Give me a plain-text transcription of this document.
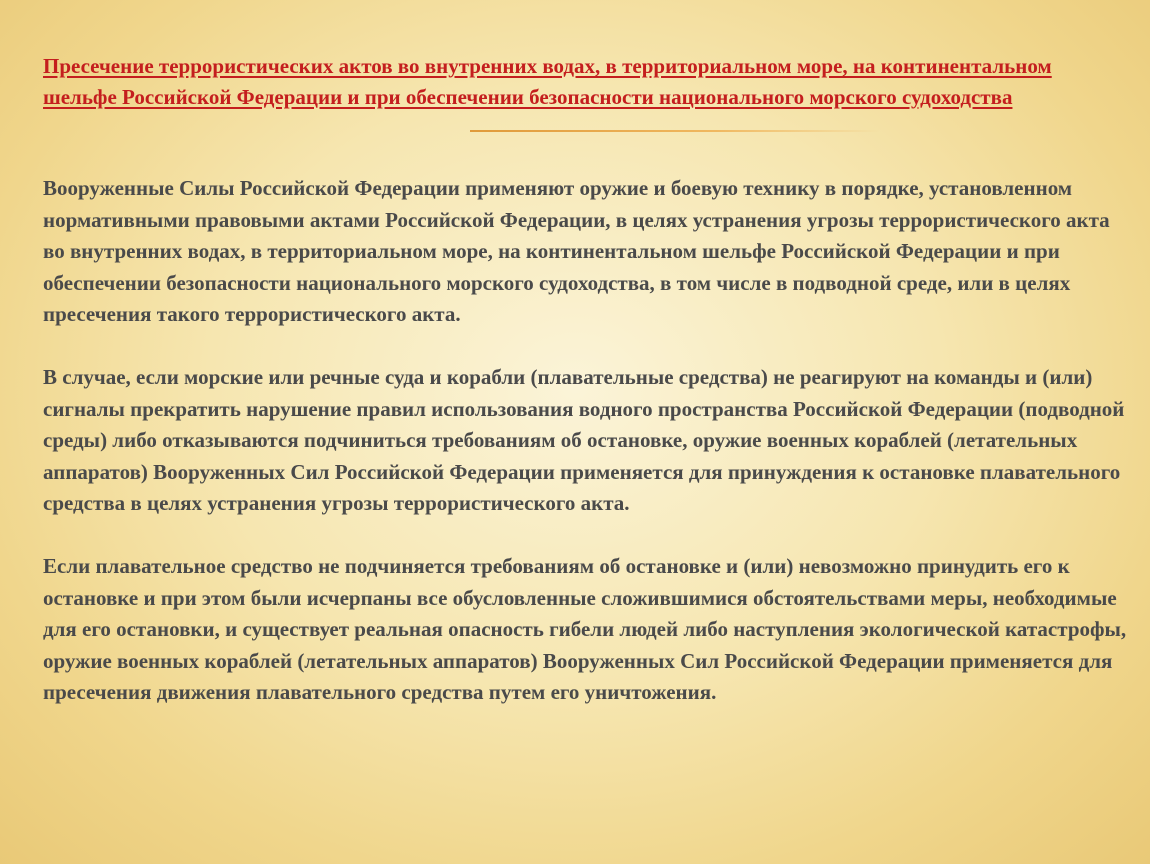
Пресечение террористических актов во внутренних водах, в территориальном море, на континентальном шельфе Российской Федерации и при обеспечении безопасности национального морского судоходства

Вооруженные Силы Российской Федерации применяют оружие и боевую технику в порядке, установленном нормативными правовыми актами Российской Федерации, в целях устранения угрозы террористического акта во внутренних водах, в территориальном море, на континентальном шельфе Российской Федерации и при обеспечении безопасности национального морского судоходства, в том числе в подводной среде, или в целях пресечения такого террористического акта.

В случае, если морские или речные суда и корабли (плавательные средства) не реагируют на команды и (или) сигналы прекратить нарушение правил использования водного пространства Российской Федерации (подводной среды) либо отказываются подчиниться требованиям об остановке, оружие военных кораблей (летательных аппаратов) Вооруженных Сил Российской Федерации применяется для принуждения к остановке плавательного средства в целях устранения угрозы террористического акта.

Если плавательное средство не подчиняется требованиям об остановке и (или) невозможно принудить его к остановке и при этом были исчерпаны все обусловленные сложившимися обстоятельствами меры, необходимые для его остановки, и существует реальная опасность гибели людей либо наступления экологической катастрофы, оружие военных кораблей (летательных аппаратов) Вооруженных Сил Российской Федерации применяется для пресечения движения плавательного средства путем его уничтожения.
